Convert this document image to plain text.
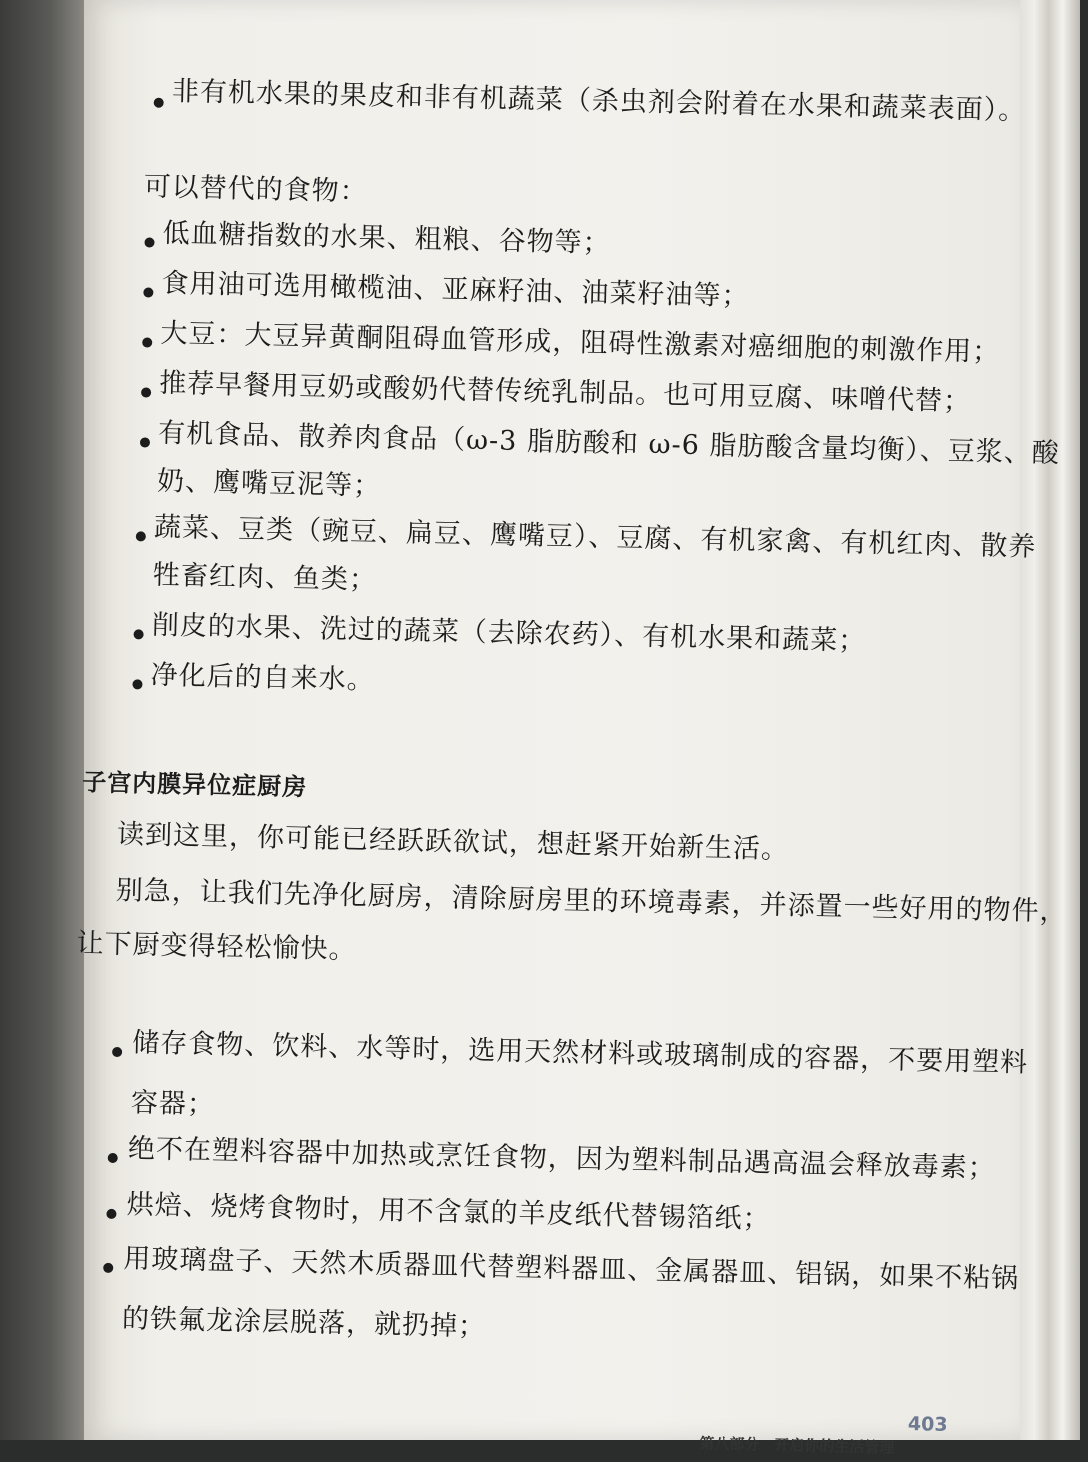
非有机水果的果皮和非有机蔬菜（杀虫剂会附着在水果和蔬菜表面）。
可以替代的食物：
低血糖指数的水果、粗粮、谷物等；
食用油可选用橄榄油、亚麻籽油、油菜籽油等；
大豆：大豆异黄酮阻碍血管形成，阻碍性激素对癌细胞的刺激作用；
推荐早餐用豆奶或酸奶代替传统乳制品。也可用豆腐、味噌代替；
有机食品、散养肉食品（ω-3 脂肪酸和 ω-6 脂肪酸含量均衡）、豆浆、酸
奶、鹰嘴豆泥等；
蔬菜、豆类（豌豆、扁豆、鹰嘴豆）、豆腐、有机家禽、有机红肉、散养
牲畜红肉、鱼类；
削皮的水果、洗过的蔬菜（去除农药）、有机水果和蔬菜；
净化后的自来水。
子宫内膜异位症厨房
读到这里，你可能已经跃跃欲试，想赶紧开始新生活。
别急，让我们先净化厨房，清除厨房里的环境毒素，并添置一些好用的物件，
让下厨变得轻松愉快。
储存食物、饮料、水等时，选用天然材料或玻璃制成的容器，不要用塑料
容器；
绝不在塑料容器中加热或烹饪食物，因为塑料制品遇高温会释放毒素；
烘焙、烧烤食物时，用不含氯的羊皮纸代替锡箔纸；
用玻璃盘子、天然木质器皿代替塑料器皿、金属器皿、铝锅，如果不粘锅
的铁氟龙涂层脱落，就扔掉；
第八部分　开启你的生活管理
403
